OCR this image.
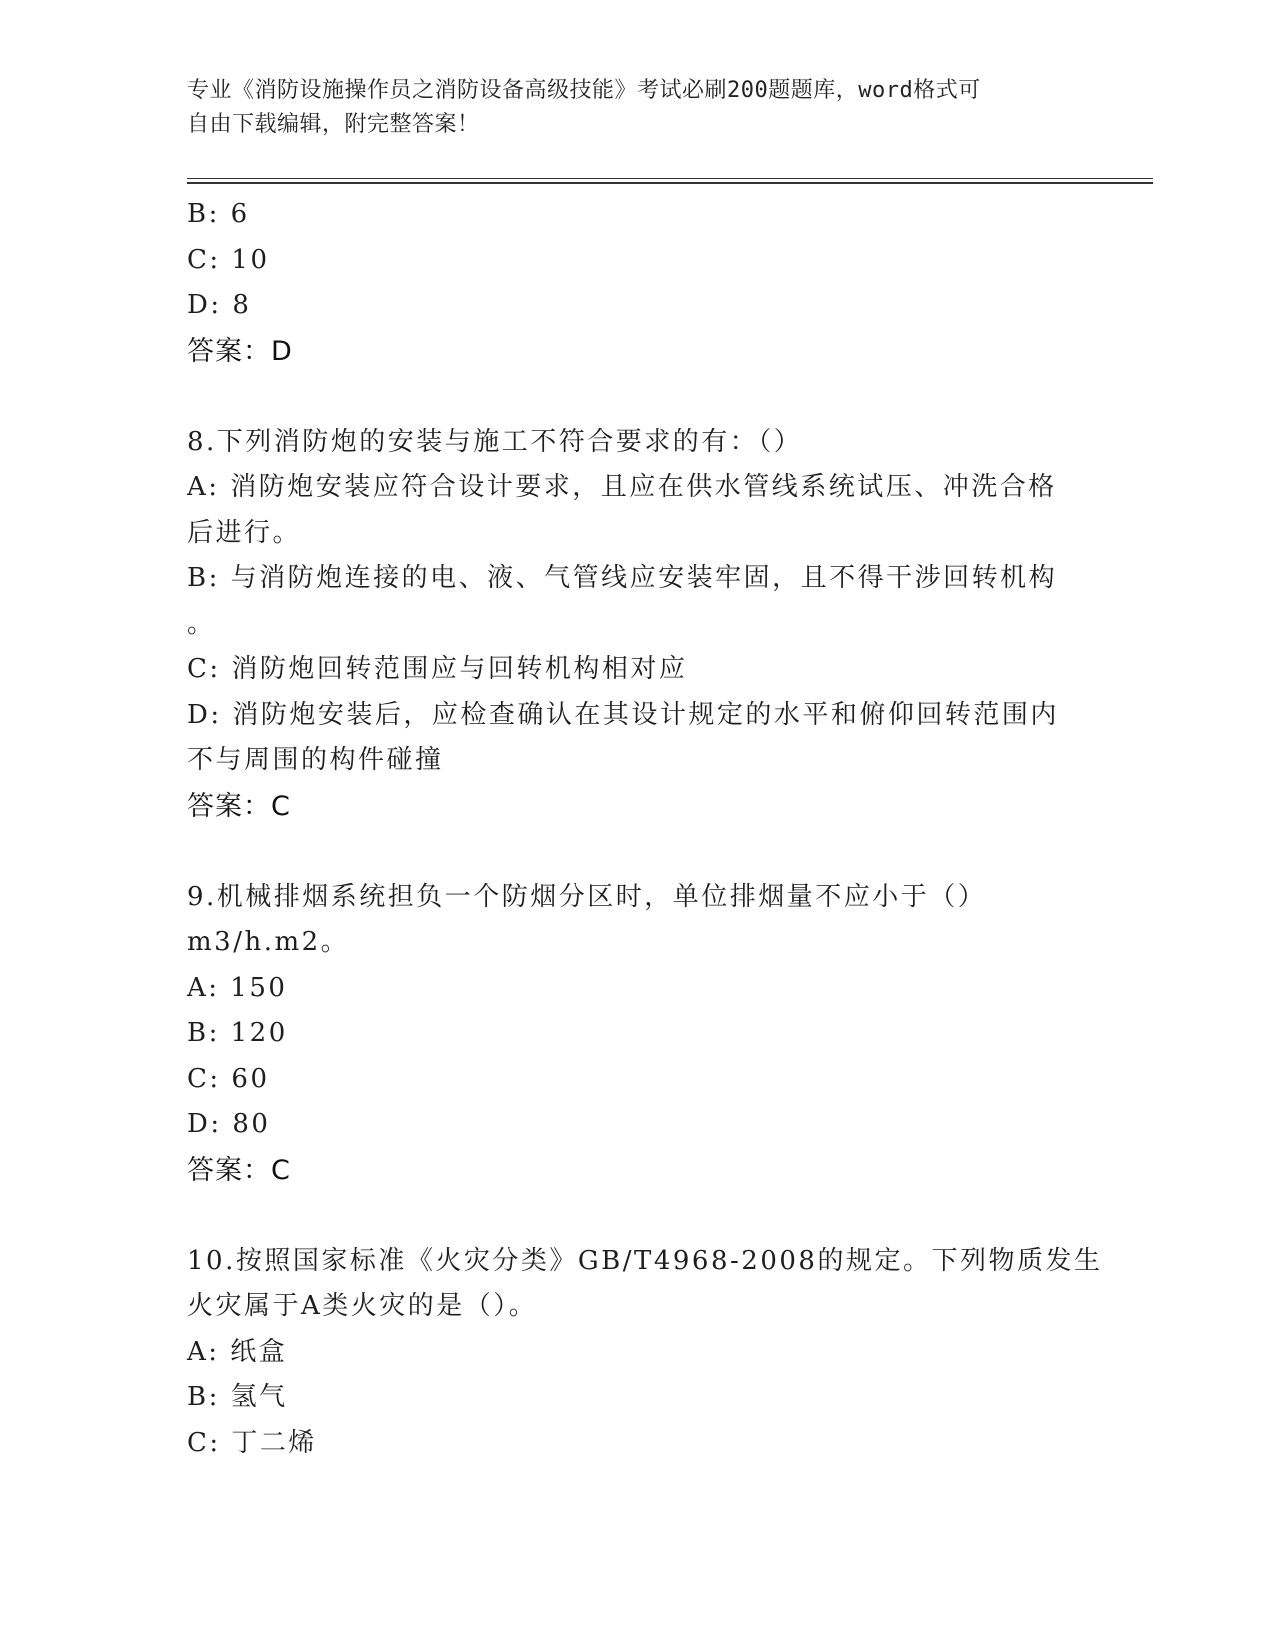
专业《消防设施操作员之消防设备高级技能》考试必刷200题题库，word格式可
自由下载编辑，附完整答案！
B: 6
C: 10
D: 8
答案：D
8.下列消防炮的安装与施工不符合要求的有：（）
A: 消防炮安装应符合设计要求，且应在供水管线系统试压、冲洗合格
后进行。
B: 与消防炮连接的电、液、气管线应安装牢固，且不得干涉回转机构
。
C: 消防炮回转范围应与回转机构相对应
D: 消防炮安装后，应检查确认在其设计规定的水平和俯仰回转范围内
不与周围的构件碰撞
答案：C
9.机械排烟系统担负一个防烟分区时，单位排烟量不应小于（）
m3/h.m2。
A: 150
B: 120
C: 60
D: 80
答案：C
10.按照国家标准《火灾分类》GB/T4968-2008的规定。下列物质发生
火灾属于A类火灾的是（）。
A: 纸盒
B: 氢气
C: 丁二烯
